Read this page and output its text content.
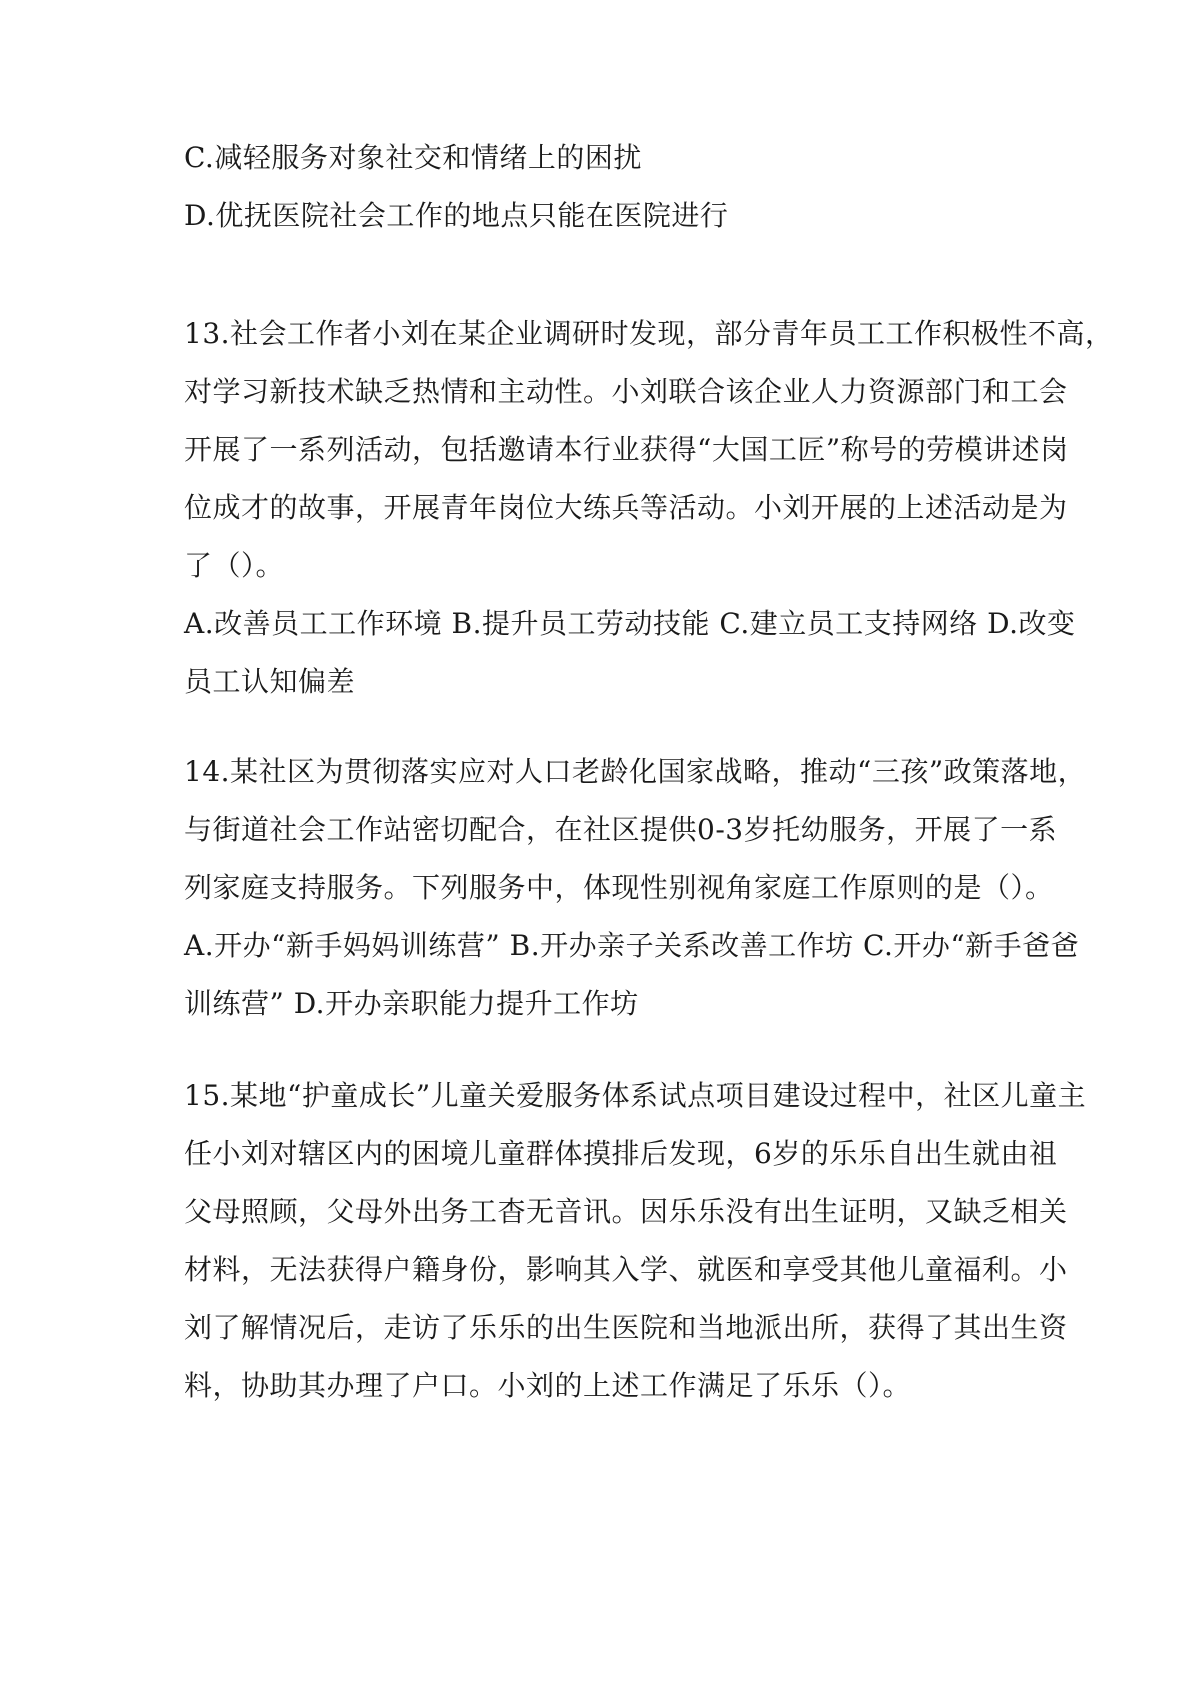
C.减轻服务对象社交和情绪上的困扰
D.优抚医院社会工作的地点只能在医院进行
13.社会工作者小刘在某企业调研时发现，部分青年员工工作积极性不高，
对学习新技术缺乏热情和主动性。小刘联合该企业人力资源部门和工会
开展了一系列活动，包括邀请本行业获得“大国工匠”称号的劳模讲述岗
位成才的故事，开展青年岗位大练兵等活动。小刘开展的上述活动是为
了（）。
A.改善员工工作环境 B.提升员工劳动技能 C.建立员工支持网络 D.改变
员工认知偏差
14.某社区为贯彻落实应对人口老龄化国家战略，推动“三孩”政策落地，
与街道社会工作站密切配合，在社区提供0-3岁托幼服务，开展了一系
列家庭支持服务。下列服务中，体现性别视角家庭工作原则的是（）。
A.开办“新手妈妈训练营” B.开办亲子关系改善工作坊 C.开办“新手爸爸
训练营” D.开办亲职能力提升工作坊
15.某地“护童成长”儿童关爱服务体系试点项目建设过程中，社区儿童主
任小刘对辖区内的困境儿童群体摸排后发现，6岁的乐乐自出生就由祖
父母照顾，父母外出务工杳无音讯。因乐乐没有出生证明，又缺乏相关
材料，无法获得户籍身份，影响其入学、就医和享受其他儿童福利。小
刘了解情况后，走访了乐乐的出生医院和当地派出所，获得了其出生资
料，协助其办理了户口。小刘的上述工作满足了乐乐（）。
